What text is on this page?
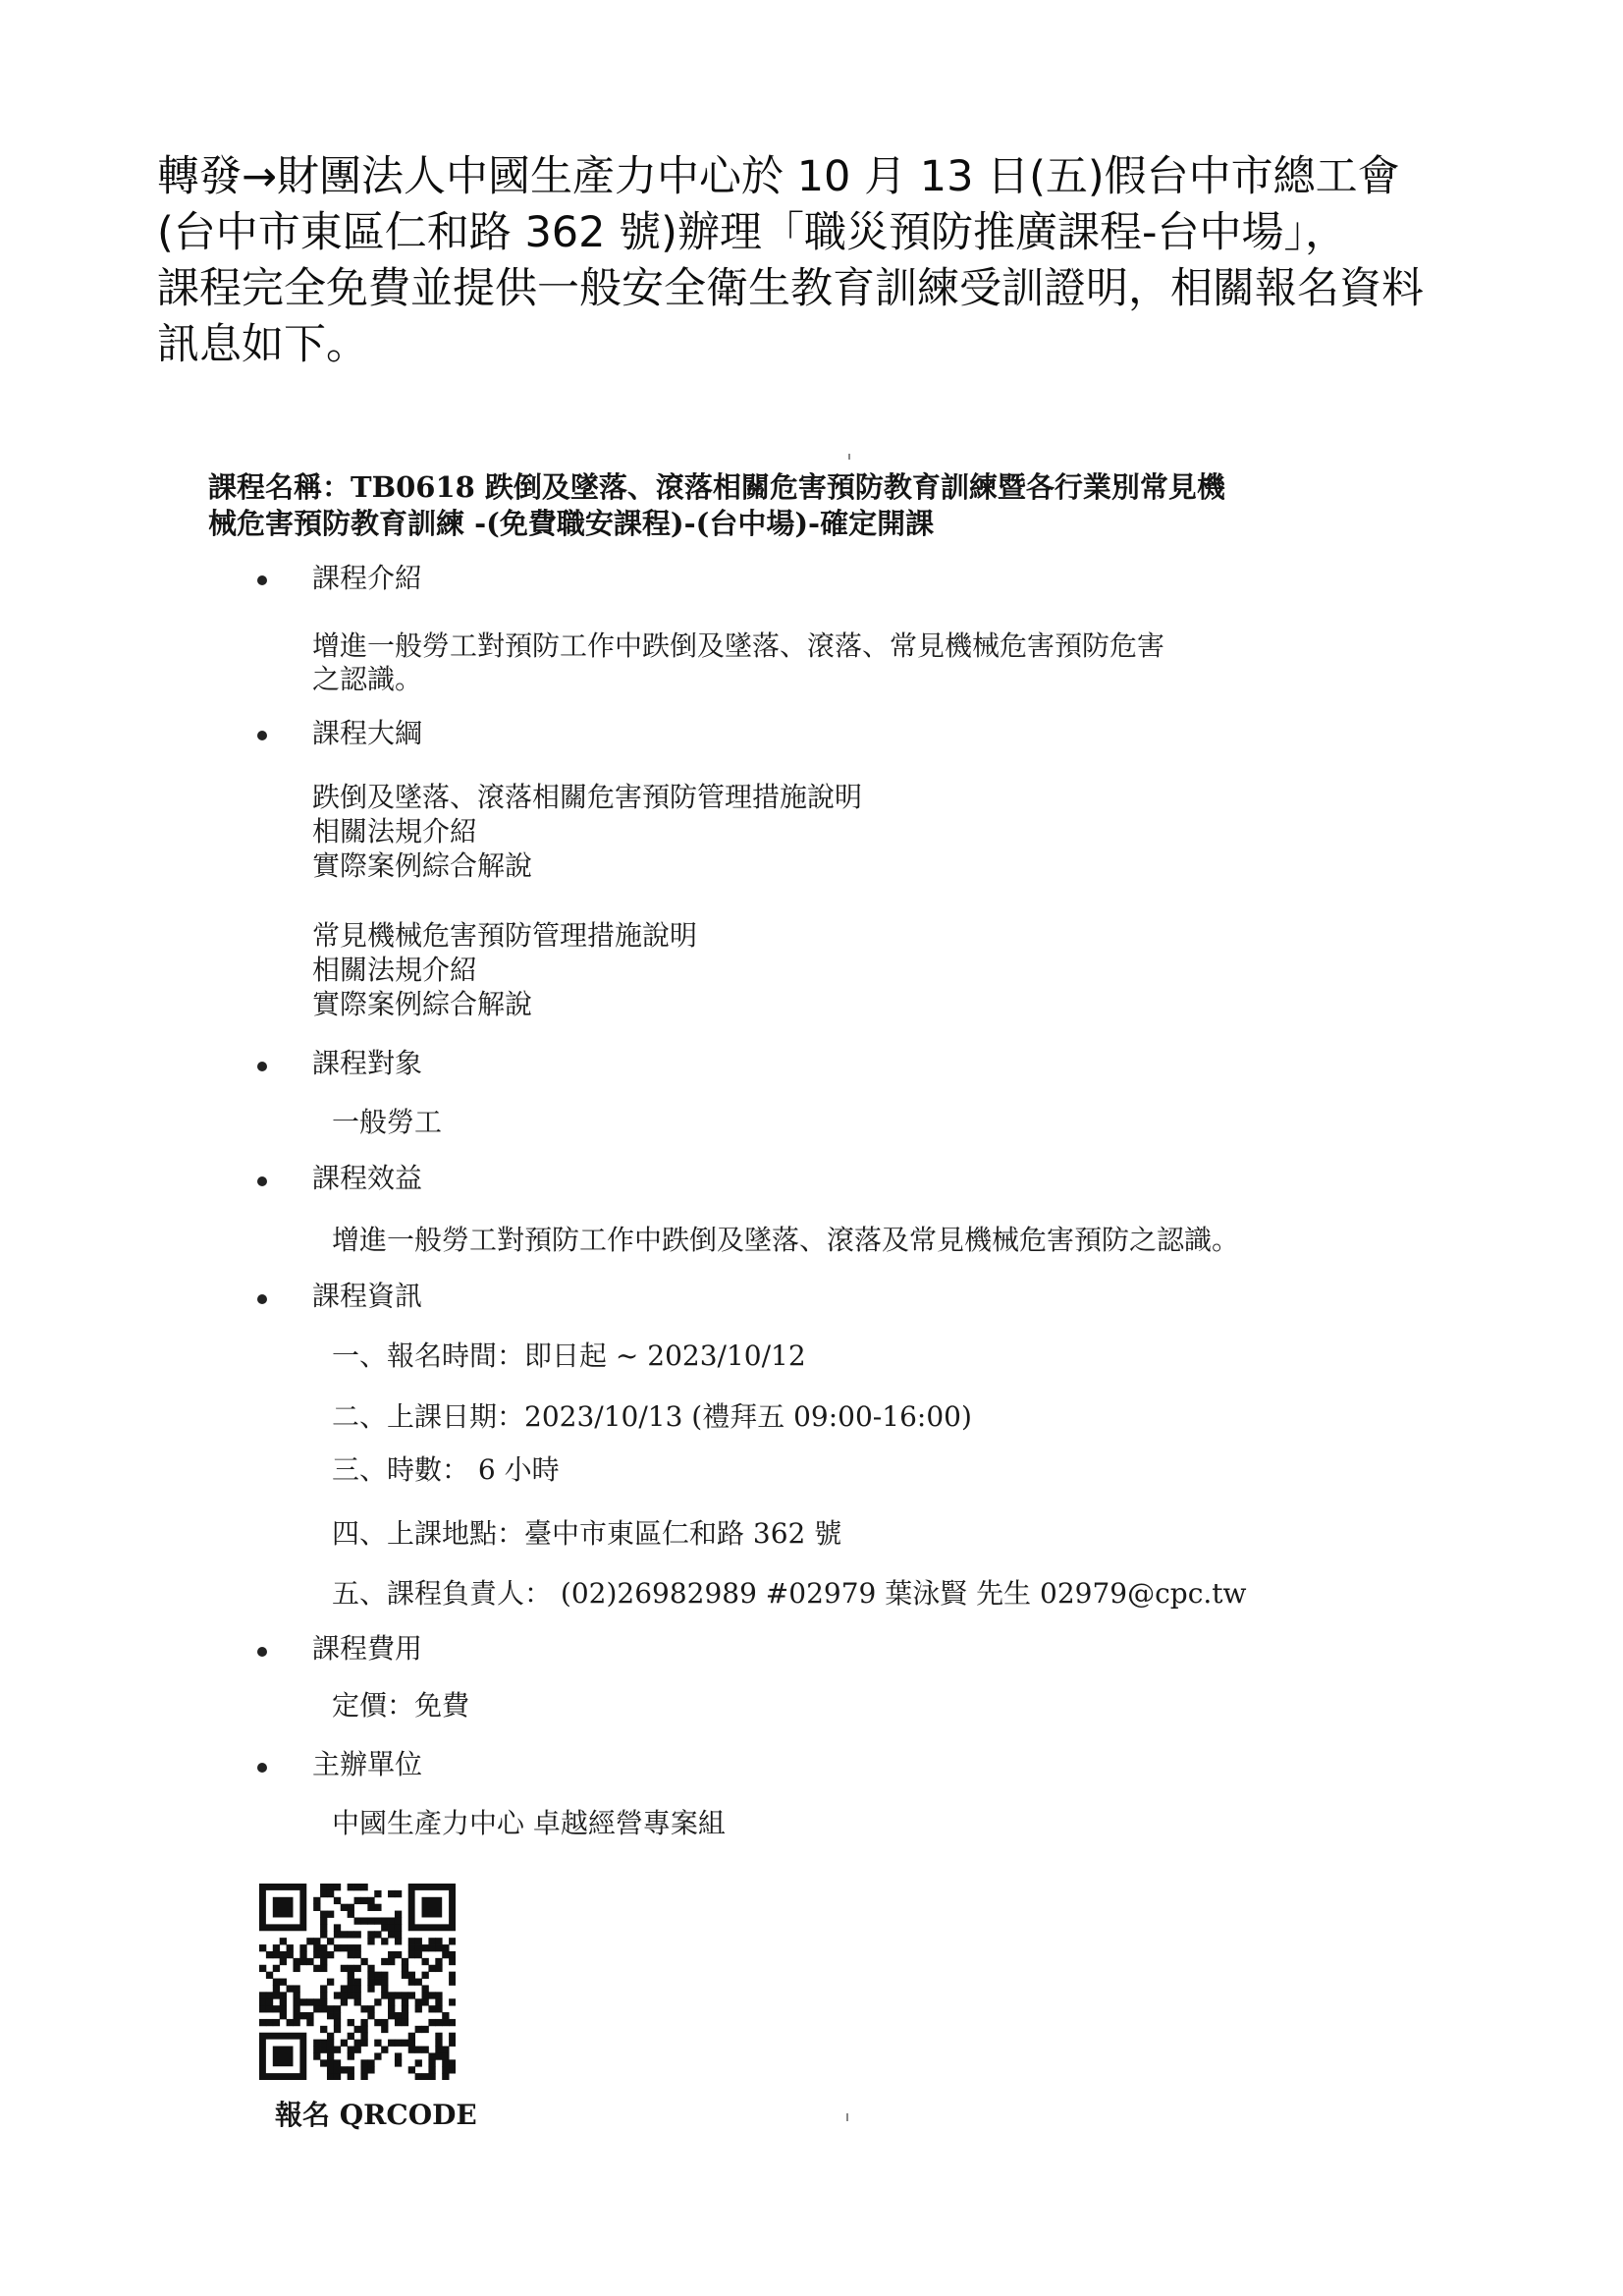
轉發→財團法人中國生產力中心於 10 月 13 日(五)假台中市總工會
(台中市東區仁和路 362 號)辦理「職災預防推廣課程-台中場」，
課程完全免費並提供一般安全衛生教育訓練受訓證明，相關報名資料
訊息如下。
課程名稱：TB0618 跌倒及墜落、滾落相關危害預防教育訓練暨各行業別常見機
械危害預防教育訓練 -(免費職安課程)-(台中場)-確定開課
課程介紹
增進一般勞工對預防工作中跌倒及墜落、滾落、常見機械危害預防危害
之認識。
課程大綱
跌倒及墜落、滾落相關危害預防管理措施說明
相關法規介紹
實際案例綜合解說
常見機械危害預防管理措施說明
相關法規介紹
實際案例綜合解說
課程對象
一般勞工
課程效益
增進一般勞工對預防工作中跌倒及墜落、滾落及常見機械危害預防之認識。
課程資訊
一、報名時間：即日起 ~ 2023/10/12
二、上課日期：2023/10/13 (禮拜五 09:00-16:00)
三、時數： 6 小時
四、上課地點：臺中市東區仁和路 362 號
五、課程負責人： (02)26982989 #02979 葉泳賢 先生 02979@cpc.tw
課程費用
定價：免費
主辦單位
中國生產力中心 卓越經營專案組
報名 QRCODE
